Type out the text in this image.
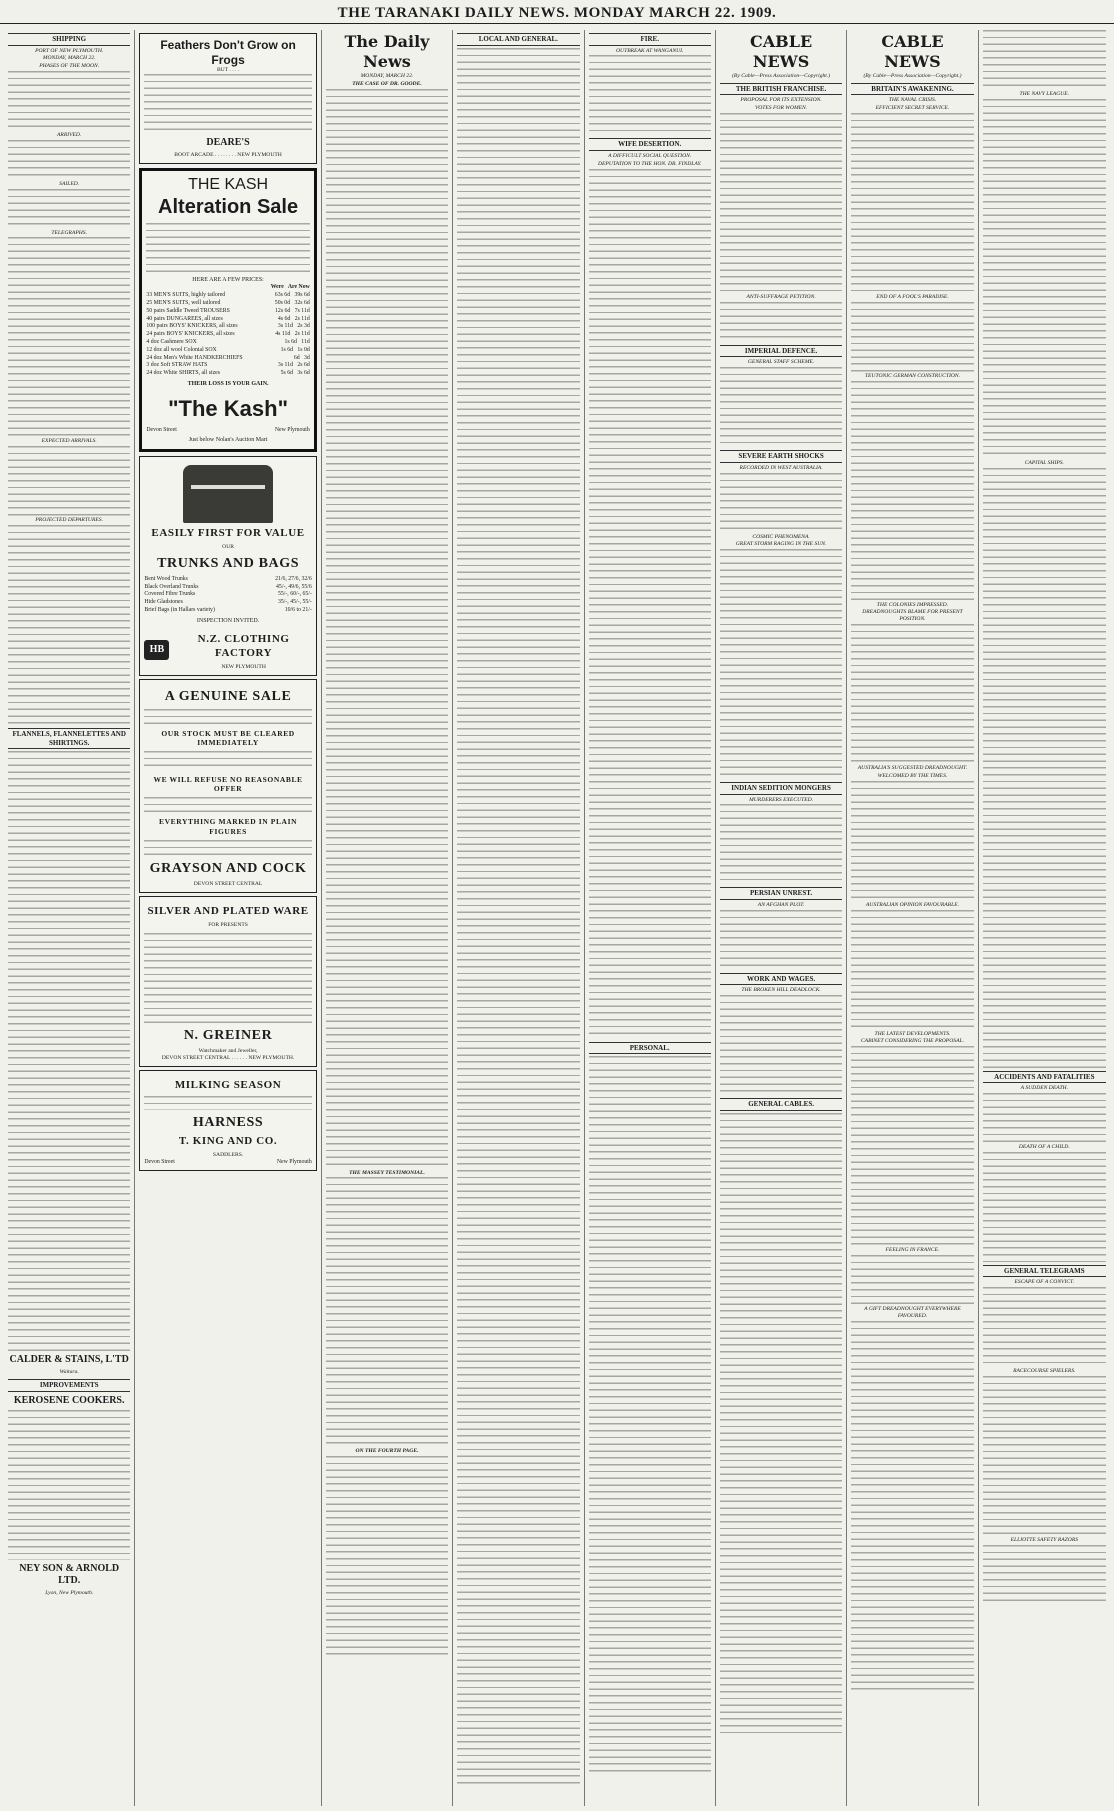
THE TARANAKI DAILY NEWS. MONDAY MARCH 22. 1909.
SHIPPING
PORT OF NEW PLYMOUTH.
MONDAY, MARCH 22.
PHASES OF THE MOON.
ARRIVED.
SAILED.
TELEGRAPHS.
EXPECTED ARRIVALS.
PROJECTED DEPARTURES.
FLANNELS, FLANNELETTES AND SHIRTINGS.
CALDER & STAINS, L'TD
Waitara.
IMPROVEMENTS
KEROSENE COOKERS.
NEY SON & ARNOLD LTD.
Lyon, New Plymouth.
Feathers Don't Grow on Frogs
BUT . . . .
DEARE'S
BOOT ARCADE . . . . . . . . NEW PLYMOUTH
THE KASH
Alteration Sale
HERE ARE A FEW PRICES:
Were Are Now
33 MEN'S SUITS, highly tailored	63s 6d 39s 6d
25 MEN'S SUITS, well tailored	50s 0d 32s 6d
50 pairs Saddle Tweed TROUSERS	12s 6d 7s 11d
40 pairs DUNGAREES, all sizes	4s 6d 2s 11d
100 pairs BOYS' KNICKERS, all sizes	3s 11d 2s 3d
24 pairs BOYS' KNICKERS, all sizes	4s 11d 2s 11d
4 doz Cashmere SOX	1s 6d 11d
12 doz all wool Colonial SOX	1s 6d 1s 0d
24 doz Men's White HANDKERCHIEFS	6d 3d
3 doz Soft STRAW HATS	3s 11d 2s 6d
24 doz White SHIRTS, all sizes	5s 6d 3s 6d
THEIR LOSS IS YOUR GAIN.
"The Kash"
Devon Street	New Plymouth
Just below Nolan's Auction Mart
EASILY FIRST FOR VALUE
OUR
TRUNKS AND BAGS
Bent Wood Trunks	21/6, 27/6, 32/6
Black Overland Trunks	45/-, 49/6, 55/6
Covered Fibre Trunks	55/-, 60/-, 65/-
Hide Gladstones	35/-, 45/-, 55/-
Brief Bags (in Hallars variety)	10/6 to 21/-
INSPECTION INVITED.
HB
N.Z. CLOTHING FACTORY
NEW PLYMOUTH
A GENUINE SALE
OUR STOCK MUST BE CLEARED IMMEDIATELY
WE WILL REFUSE NO REASONABLE OFFER
EVERYTHING MARKED IN PLAIN FIGURES
GRAYSON AND COCK
DEVON STREET CENTRAL
SILVER AND PLATED WARE
FOR PRESENTS
N. GREINER
Watchmaker and Jeweller,
DEVON STREET CENTRAL . . . . . . NEW PLYMOUTH.
MILKING SEASON
HARNESS
T. KING AND CO.
SADDLERS.
Devon Street	New Plymouth
The Daily News
MONDAY, MARCH 22.
THE CASE OF DR. GOODE.
THE MASSEY TESTIMONIAL.
ON THE FOURTH PAGE.
LOCAL AND GENERAL.	FIRE.
OUTBREAK AT WANGANUI.
WIFE DESERTION.
A DIFFICULT SOCIAL QUESTION.
DEPUTATION TO THE HON. DR. FINDLAY.
PERSONAL.
CABLE NEWS
(By Cable—Press Association—Copyright.)
THE BRITISH FRANCHISE.
PROPOSAL FOR ITS EXTENSION.
VOTES FOR WOMEN.
ANTI-SUFFRAGE PETITION.
IMPERIAL DEFENCE.
GENERAL STAFF SCHEME.
SEVERE EARTH SHOCKS
RECORDED IN WEST AUSTRALIA.
COSMIC PHENOMENA.
GREAT STORM RAGING IN THE SUN.
INDIAN SEDITION MONGERS
MURDERERS EXECUTED.
PERSIAN UNREST.
AN AFGHAN PLOT.
WORK AND WAGES.
THE BROKEN HILL DEADLOCK.
GENERAL CABLES.
CABLE NEWS
(By Cable—Press Association—Copyright.)
BRITAIN'S AWAKENING.
THE NAVAL CRISIS.
EFFICIENT SECRET SERVICE.
END OF A FOOL'S PARADISE.
TEUTONIC GERMAN CONSTRUCTION.
THE COLONIES IMPRESSED.
DREADNOUGHTS BLAME FOR PRESENT POSITION.
AUSTRALIA'S SUGGESTED DREADNOUGHT.
WELCOMED BY THE TIMES.
AUSTRALIAN OPINION FAVOURABLE.
THE LATEST DEVELOPMENTS.
CABINET CONSIDERING THE PROPOSAL.
FEELING IN FRANCE.
A GIFT DREADNOUGHT EVERYWHERE FAVOURED.
THE NAVY LEAGUE.
CAPITAL SHIPS.
ACCIDENTS AND FATALITIES
A SUDDEN DEATH.
DEATH OF A CHILD.
GENERAL TELEGRAMS
ESCAPE OF A CONVICT.
RACECOURSE SPIELERS.
ELLIOTTE SAFETY RAZORS
